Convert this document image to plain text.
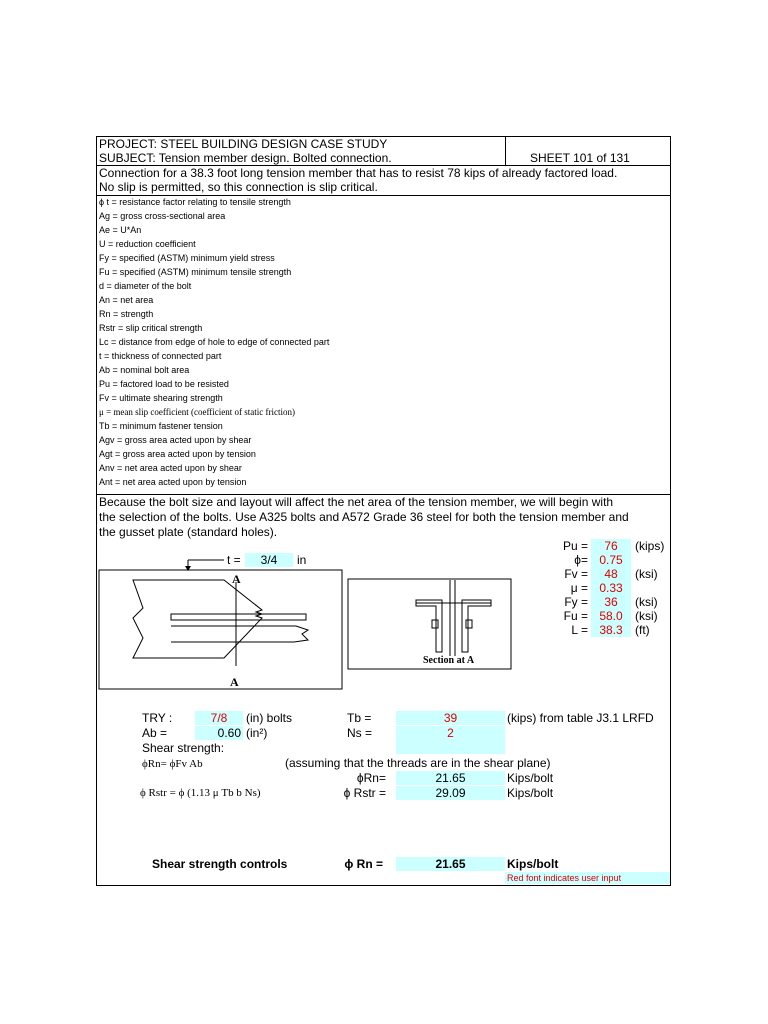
PROJECT: STEEL BUILDING DESIGN CASE STUDY
SUBJECT: Tension member design. Bolted connection.	SHEET 101 of 131
Connection for a 38.3 foot long tension member that has to resist 78 kips of already factored load.
No slip is permitted, so this connection is slip critical.
ϕ t = resistance factor relating to tensile strength
Ag = gross cross-sectional area
Ae = U*An
U = reduction coefficient
Fy = specified (ASTM) minimum yield stress
Fu = specified (ASTM) minimum tensile strength
d = diameter of the bolt
An = net area
Rn = strength
Rstr = slip critical strength
Lc = distance from edge of hole to edge of connected part
t = thickness of connected part
Ab = nominal bolt area
Pu = factored load to be resisted
Fv = ultimate shearing strength
μ = mean slip coefficient (coefficient of static friction)
Tb = minimum fastener tension
Agv = gross area acted upon by shear
Agt = gross area acted upon by tension
Anv = net area acted upon by shear
Ant = net area acted upon by tension
Because the bolt size and layout will affect the net area of the tension member, we will begin with
the selection of the bolts. Use A325 bolts and A572 Grade 36 steel for both the tension member and
the gusset plate (standard holes).
t =	3/4	in
Pu =	76	(kips)
ϕ= 0.75
Fv =	48	(ksi)
μ = 0.33
Fy =	36	(ksi)
Fu = 58.0	(ksi)
L = 38.3	(ft)
A
A
Section at A
TRY :	7/8	(in) bolts	Tb =	39	(kips) from table J3.1 LRFD
Ab =	0.60 (in²)	Ns =	2
Shear strength:
ϕRn= ϕFv Ab	(assuming that the threads are in the shear plane)
ϕRn=	21.65	Kips/bolt
ϕ Rstr = ϕ (1.13 μ Tb b Ns)	ϕ Rstr =	29.09	Kips/bolt
Shear strength controls	ϕ Rn =	21.65	Kips/bolt
Red font indicates user input
